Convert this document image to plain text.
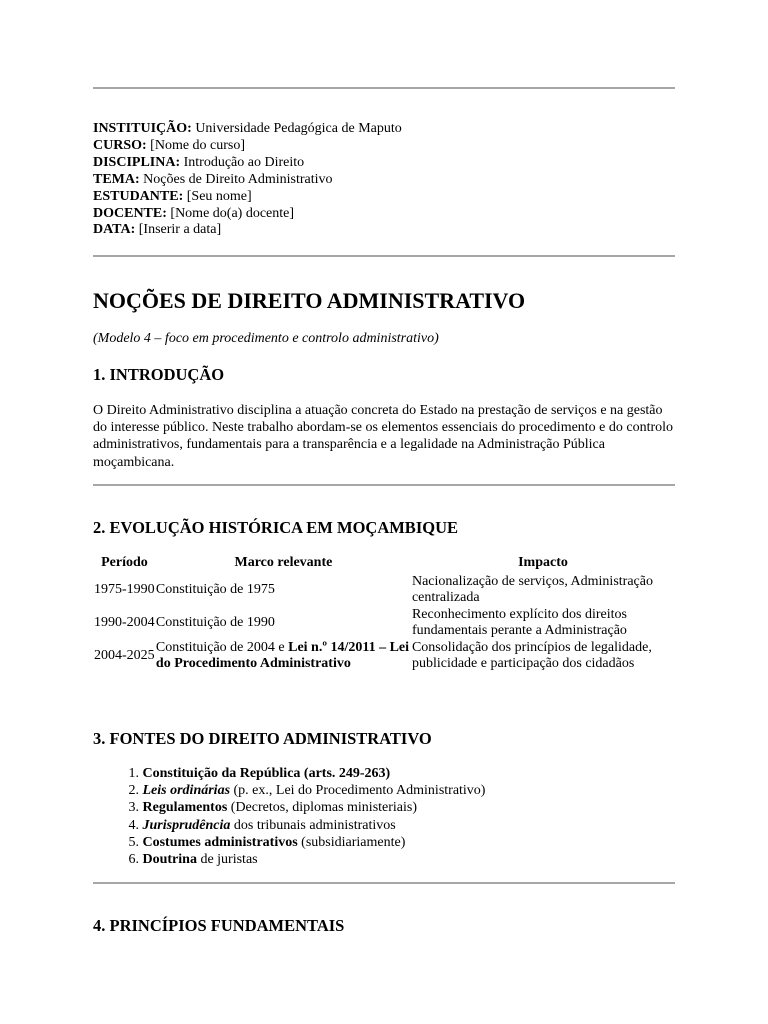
INSTITUIÇÃO: Universidade Pedagógica de Maputo
CURSO: [Nome do curso]
DISCIPLINA: Introdução ao Direito
TEMA: Noções de Direito Administrativo
ESTUDANTE: [Seu nome]
DOCENTE: [Nome do(a) docente]
DATA: [Inserir a data]
NOÇÕES DE DIREITO ADMINISTRATIVO
(Modelo 4 – foco em procedimento e controlo administrativo)
1. INTRODUÇÃO
O Direito Administrativo disciplina a atuação concreta do Estado na prestação de serviços e na gestão do interesse público. Neste trabalho abordam-se os elementos essenciais do procedimento e do controlo administrativos, fundamentais para a transparência e a legalidade na Administração Pública moçambicana.
2. EVOLUÇÃO HISTÓRICA EM MOÇAMBIQUE
Período	Marco relevante	Impacto
1975-1990	Constituição de 1975	Nacionalização de serviços, Administração centralizada
1990-2004	Constituição de 1990	Reconhecimento explícito dos direitos fundamentais perante a Administração
2004-2025	Constituição de 2004 e Lei n.º 14/2011 – Lei do Procedimento Administrativo	Consolidação dos princípios de legalidade, publicidade e participação dos cidadãos
3. FONTES DO DIREITO ADMINISTRATIVO
1. Constituição da República (arts. 249-263)
2. Leis ordinárias (p. ex., Lei do Procedimento Administrativo)
3. Regulamentos (Decretos, diplomas ministeriais)
4. Jurisprudência dos tribunais administrativos
5. Costumes administrativos (subsidiariamente)
6. Doutrina de juristas
4. PRINCÍPIOS FUNDAMENTAIS
